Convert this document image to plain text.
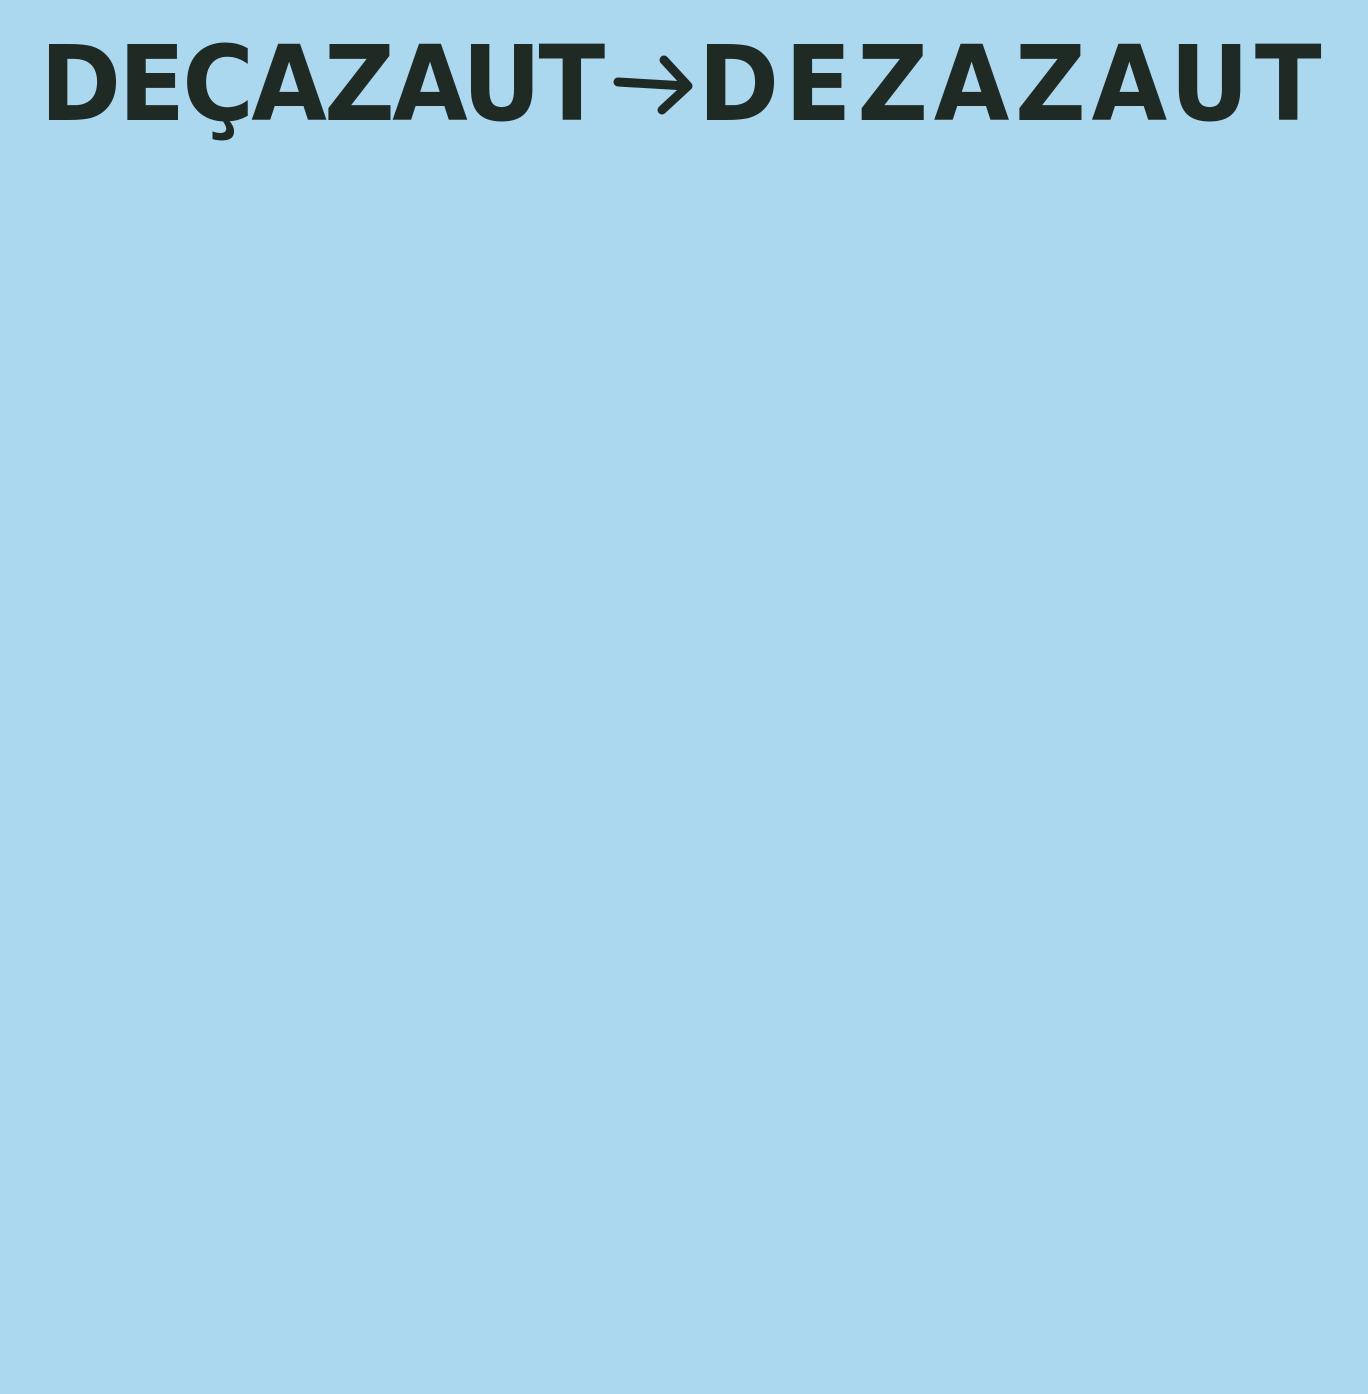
DEÇAZAUT DEZAZAUT
